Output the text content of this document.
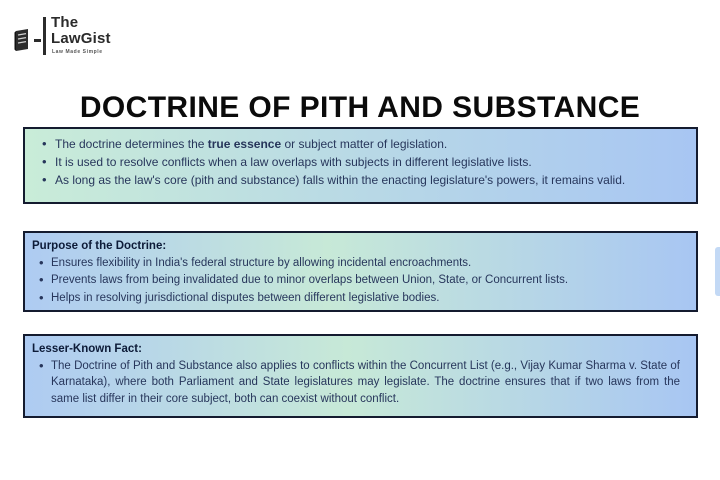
The
LawGist
Law Made Simple
DOCTRINE OF PITH AND SUBSTANCE
• The doctrine determines the true essence or subject matter of legislation.
• It is used to resolve conflicts when a law overlaps with subjects in different legislative lists.
• As long as the law's core (pith and substance) falls within the enacting legislature's powers, it remains valid.
Purpose of the Doctrine:
• Ensures flexibility in India's federal structure by allowing incidental encroachments.
• Prevents laws from being invalidated due to minor overlaps between Union, State, or Concurrent lists.
• Helps in resolving jurisdictional disputes between different legislative bodies.
Lesser-Known Fact:
• The Doctrine of Pith and Substance also applies to conflicts within the Concurrent List (e.g., Vijay Kumar Sharma v. State of Karnataka), where both Parliament and State legislatures may legislate. The doctrine ensures that if two laws from the same list differ in their core subject, both can coexist without conflict.
